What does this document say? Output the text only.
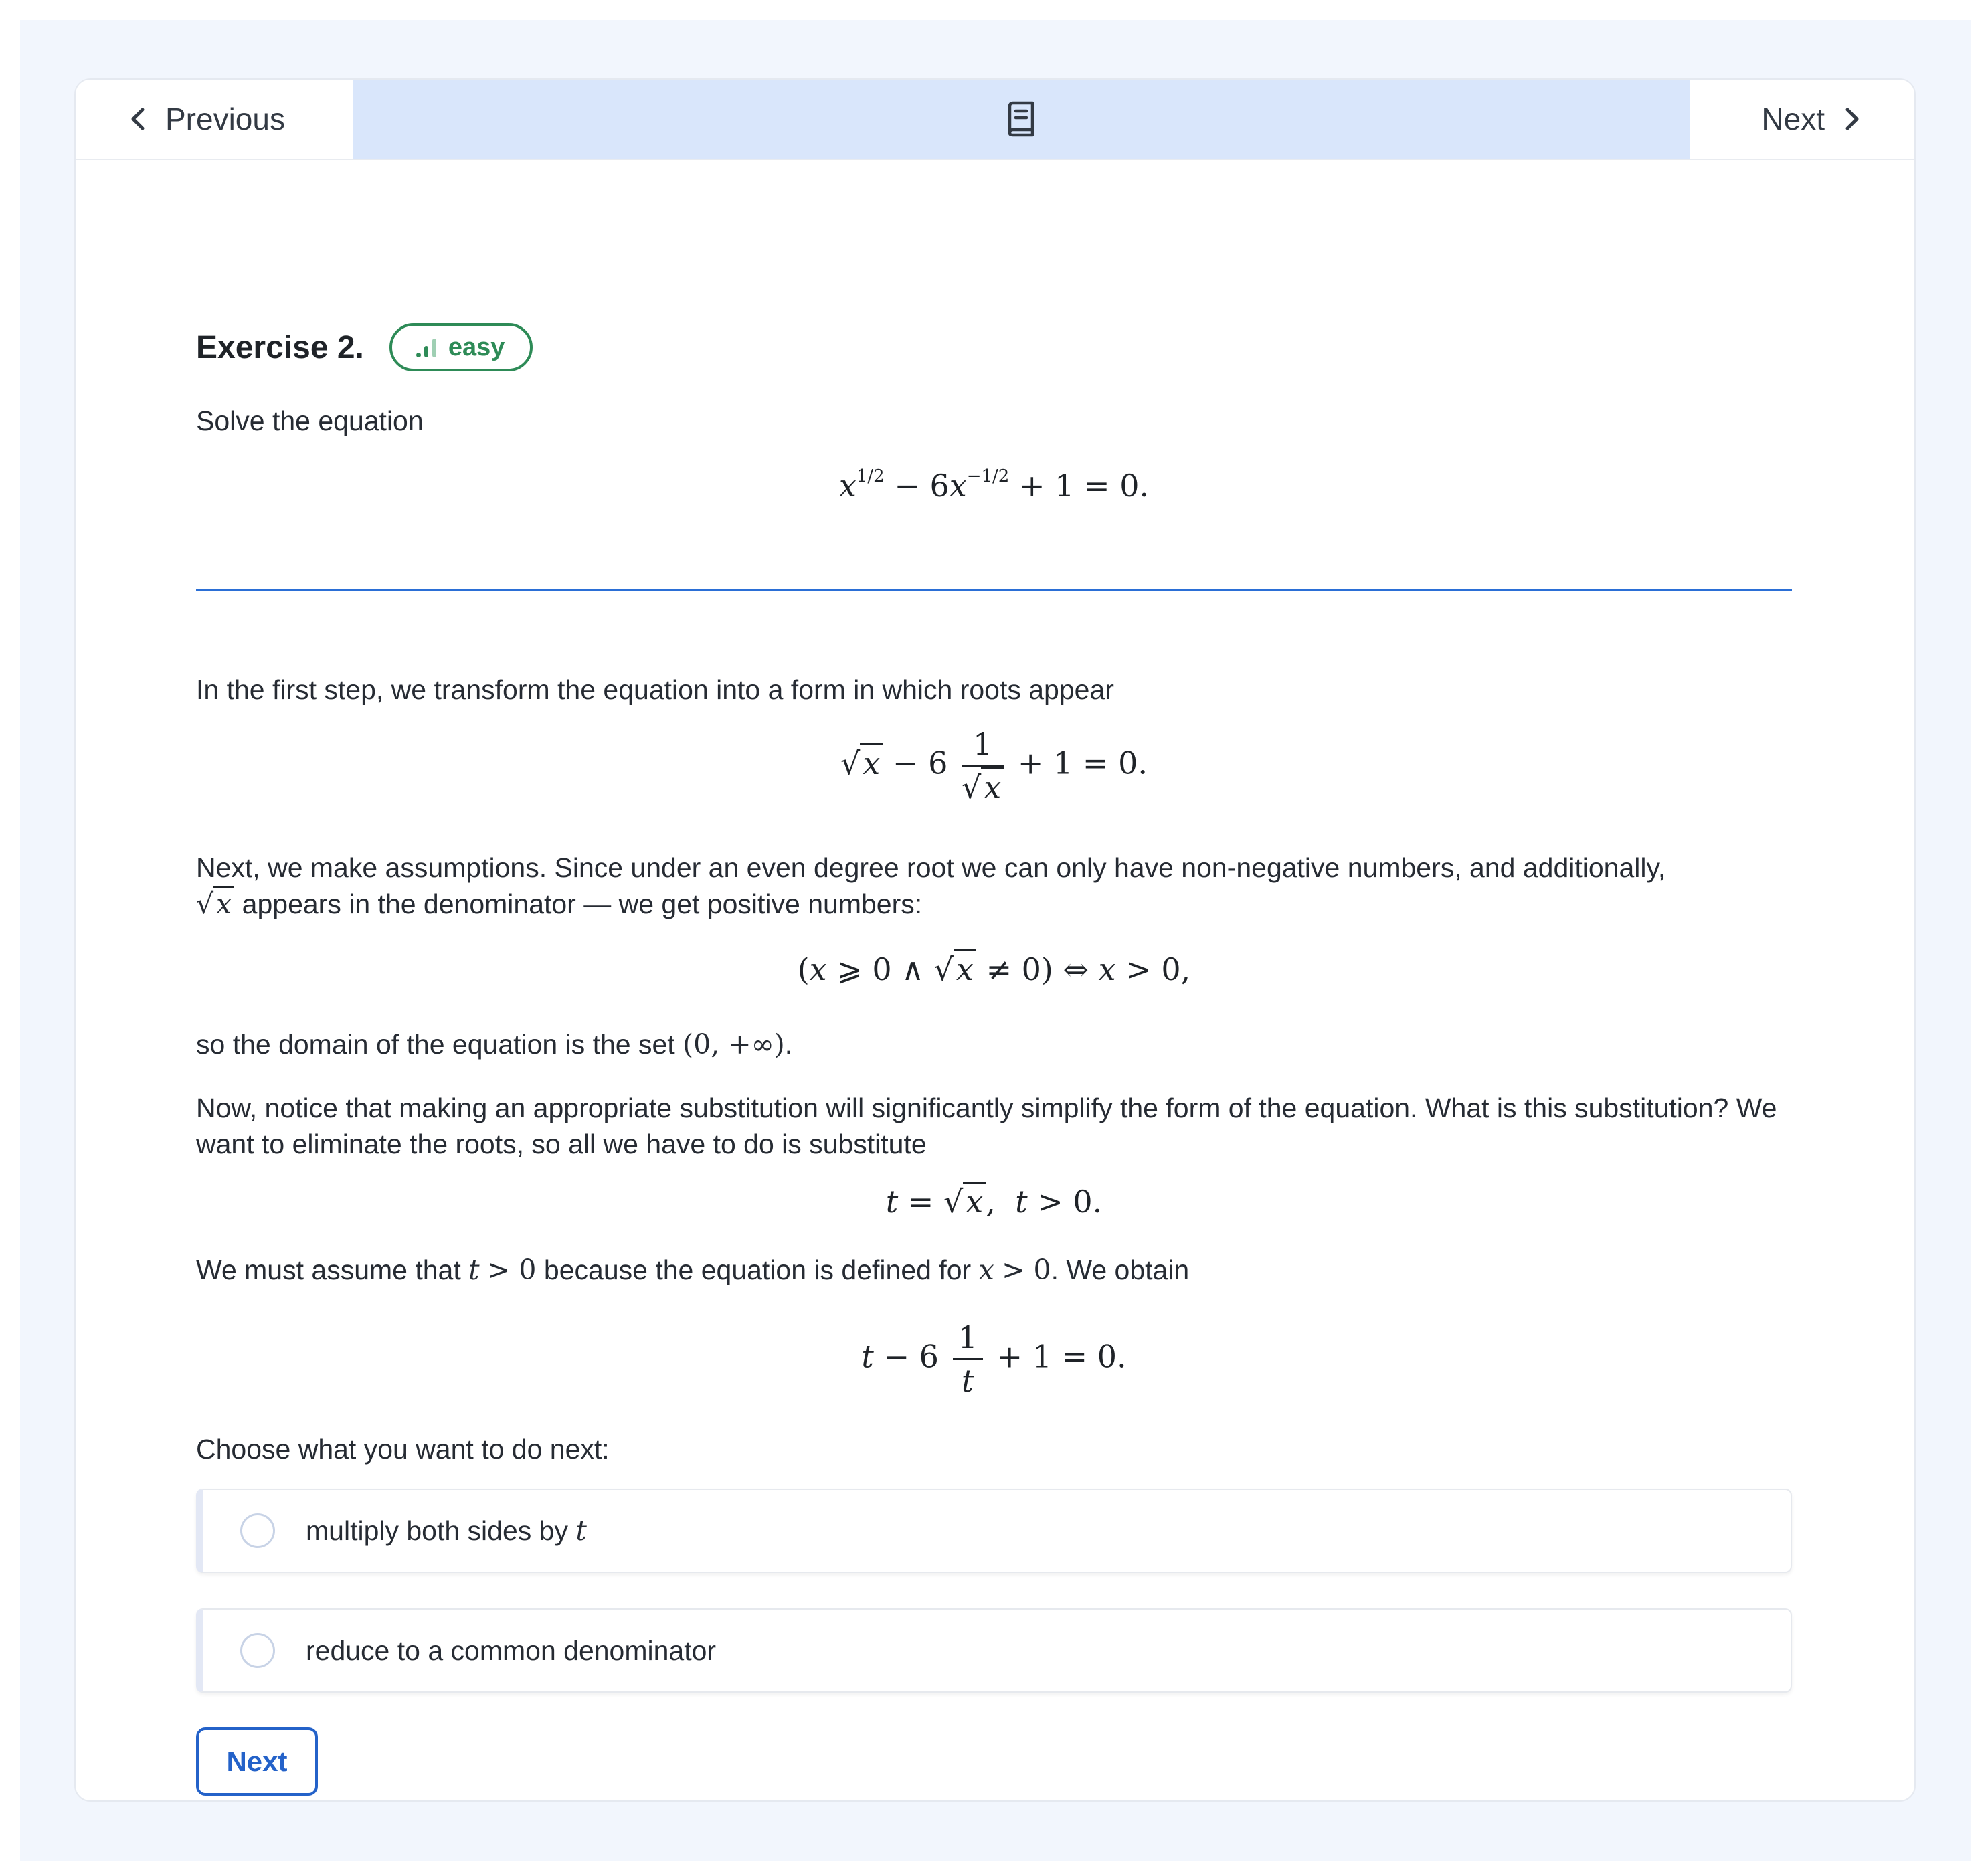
Previous	Next
Exercise 2.	easy
Solve the equation
$x^{1/2} - 6x^{-1/2} + 1 = 0$.
In the first step, we transform the equation into a form in which roots appear
$√x - 6 \frac{1}{√x} + 1 = 0$.
Next, we make assumptions. Since under an even degree root we can only have non-negative numbers, and additionally,
√x appears in the denominator — we get positive numbers:
(x ⩾ 0 ∧ √x ≠ 0) ⇔ x > 0,
so the domain of the equation is the set (0, +∞).
Now, notice that making an appropriate substitution will significantly simplify the form of the equation. What is this substitution? We want to eliminate the roots, so all we have to do is substitute
t = √x,  t > 0.
We must assume that t > 0 because the equation is defined for x > 0. We obtain
$t - 6 \frac{1}{t} + 1 = 0$.
Choose what you want to do next:
multiply both sides by t
reduce to a common denominator
Next
